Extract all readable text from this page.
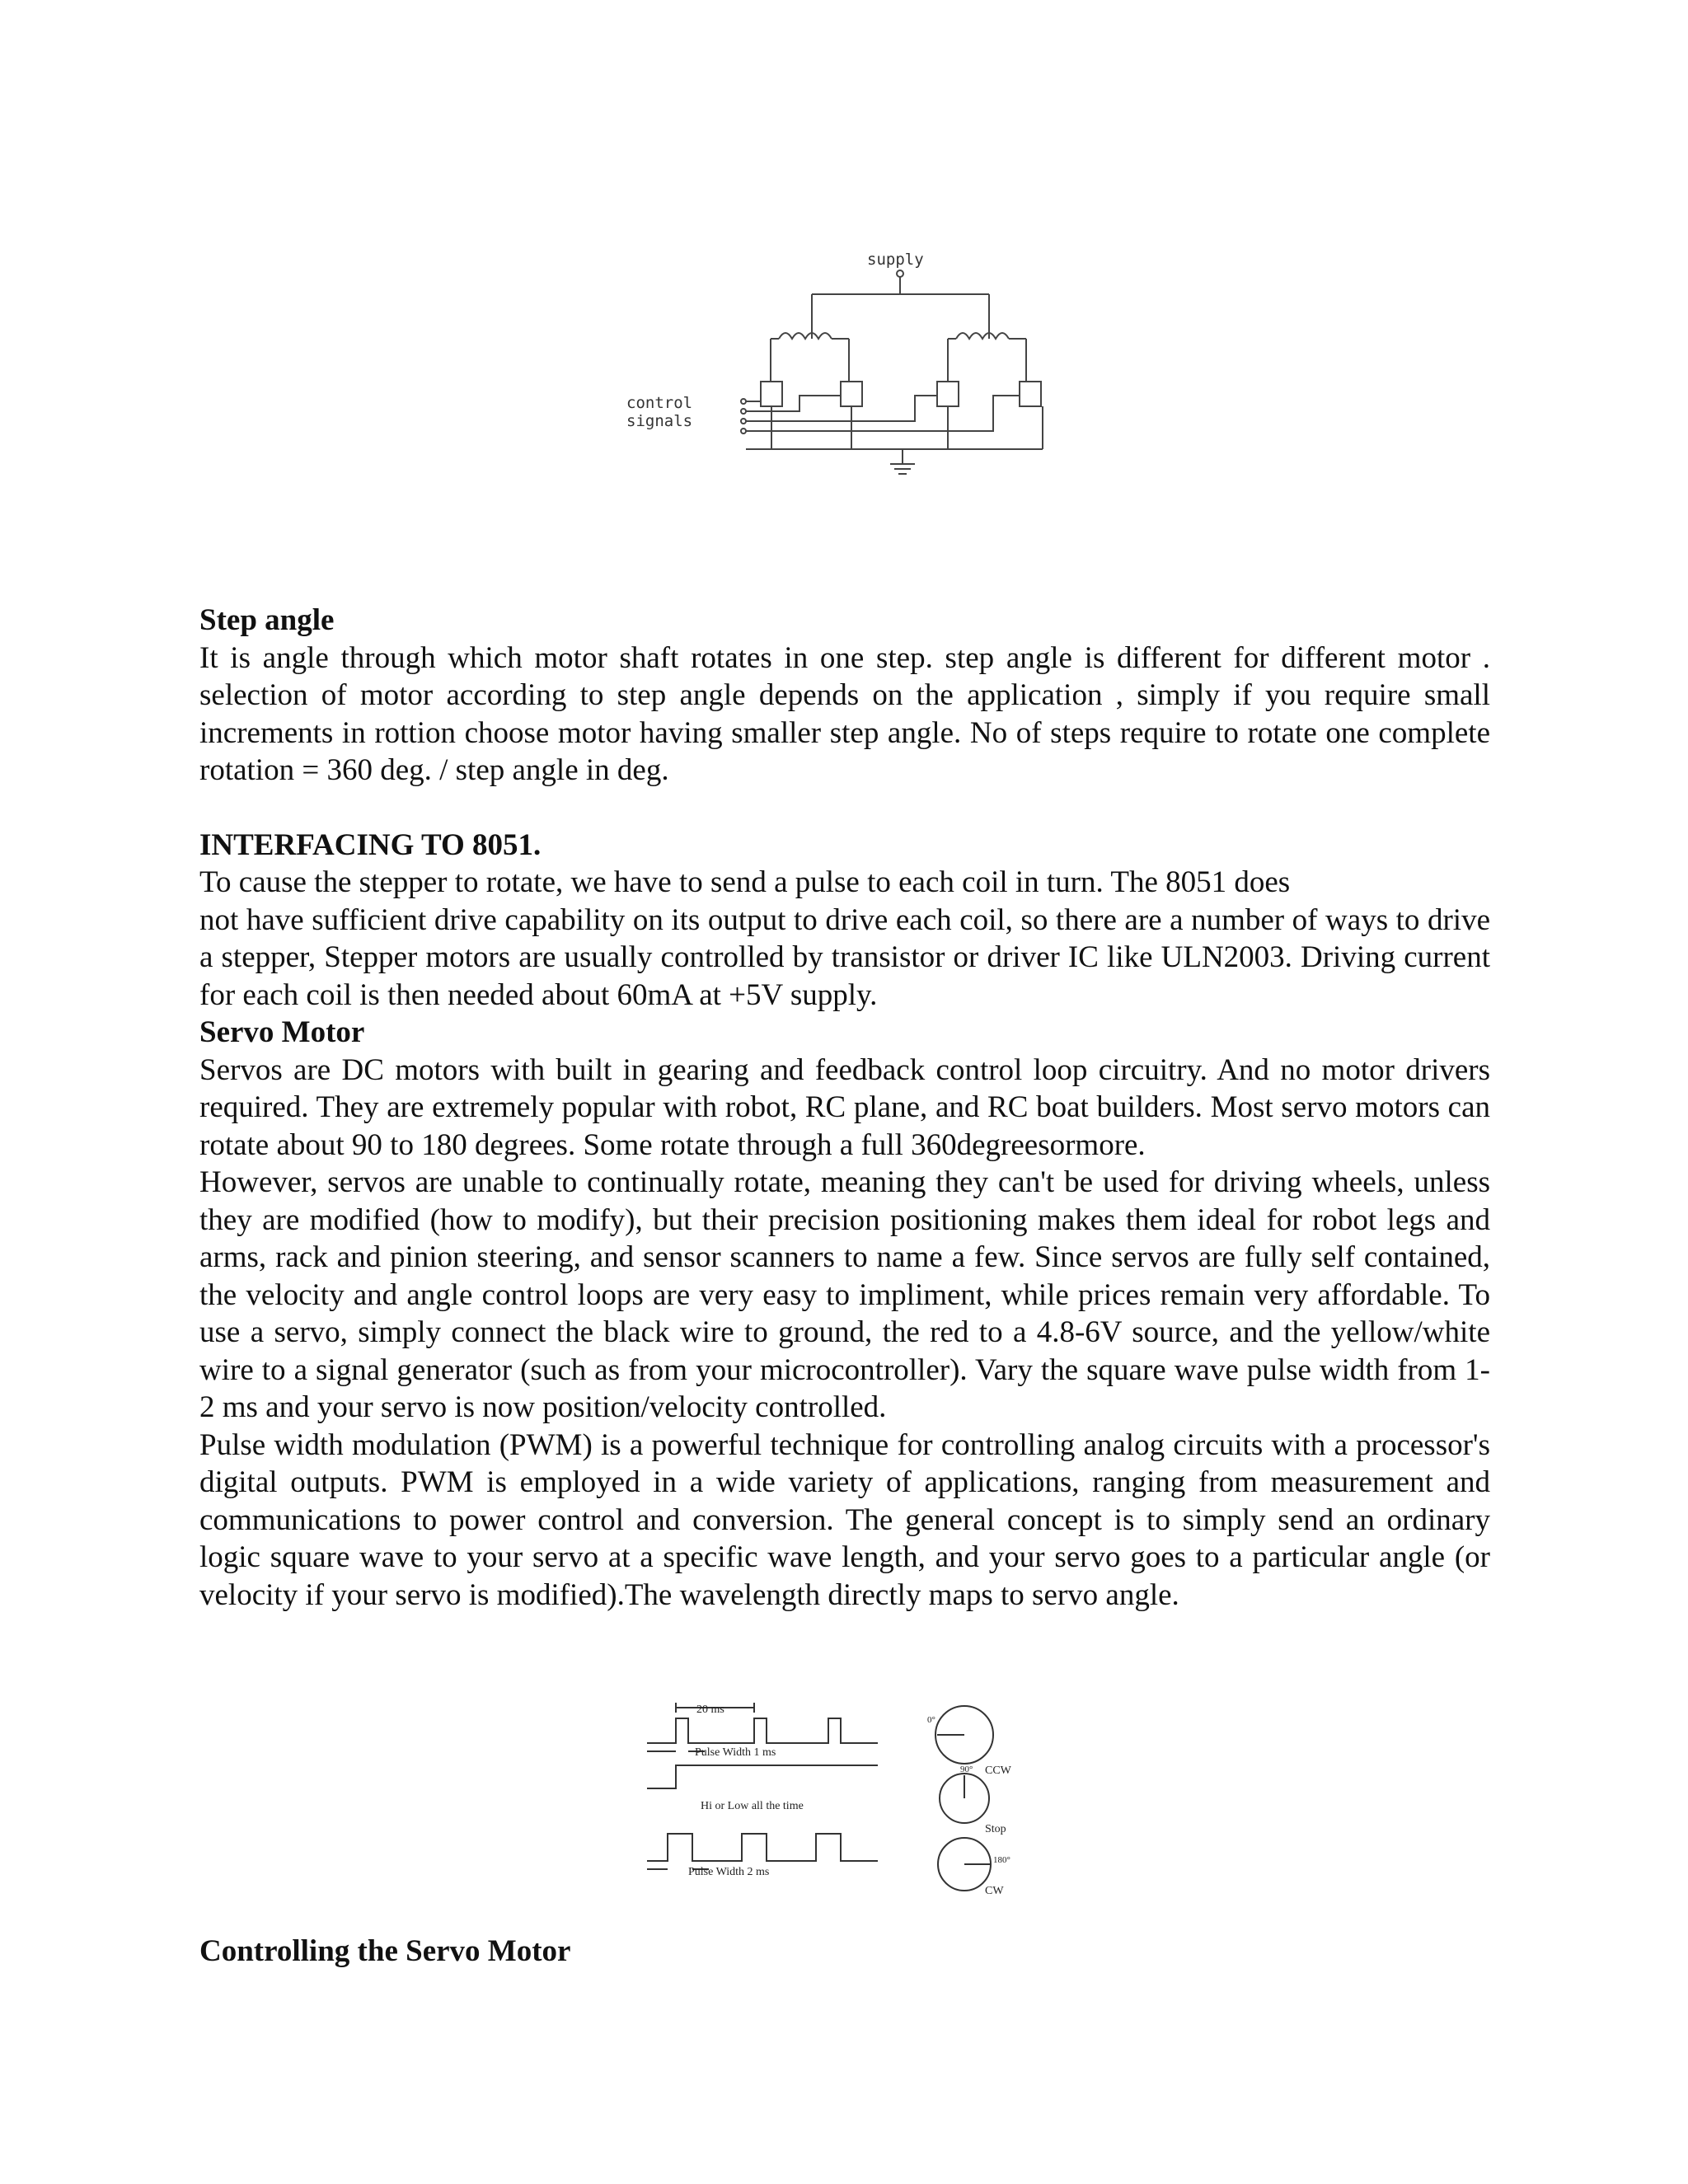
supply
control
signals

Step angle

It is angle through which motor shaft rotates in one step. step angle is different for different motor . selection of motor according to step angle depends on the application , simply if you require small increments in rottion choose motor having smaller step angle. No of steps require to rotate one complete rotation = 360 deg. / step angle in deg.

INTERFACING TO 8051.

To cause the stepper to rotate, we have to send a pulse to each coil in turn. The 8051 does

not have sufficient drive capability on its output to drive each coil, so there are a number of ways to drive a stepper, Stepper motors are usually controlled by transistor or driver IC like ULN2003. Driving current for each coil is then needed about 60mA at +5V supply.

Servo Motor

Servos are DC motors with built in gearing and feedback control loop circuitry. And no motor drivers required. They are extremely popular with robot, RC plane, and RC boat builders. Most servo motors can rotate about 90 to 180 degrees. Some rotate through a full 360degreesormore.

However, servos are unable to continually rotate, meaning they can't be used for driving wheels, unless they are modified (how to modify), but their precision positioning makes them ideal for robot legs and arms, rack and pinion steering, and sensor scanners to name a few. Since servos are fully self contained, the velocity and angle control loops are very easy to impliment, while prices remain very affordable. To use a servo, simply connect the black wire to ground, the red to a 4.8-6V source, and the yellow/white wire to a signal generator (such as from your microcontroller). Vary the square wave pulse width from 1-2 ms and your servo is now position/velocity controlled.

Pulse width modulation (PWM) is a powerful technique for controlling analog circuits with a processor's digital outputs. PWM is employed in a wide variety of applications, ranging from measurement and communications to power control and conversion. The general concept is to simply send an ordinary logic square wave to your servo at a specific wave length, and your servo goes to a particular angle (or velocity if your servo is modified).The wavelength directly maps to servo angle.

20 ms
Pulse Width 1 ms
0°
CCW
Hi or Low all the time
90°
Stop
Pulse Width 2 ms
180°
CW

Controlling the Servo Motor
